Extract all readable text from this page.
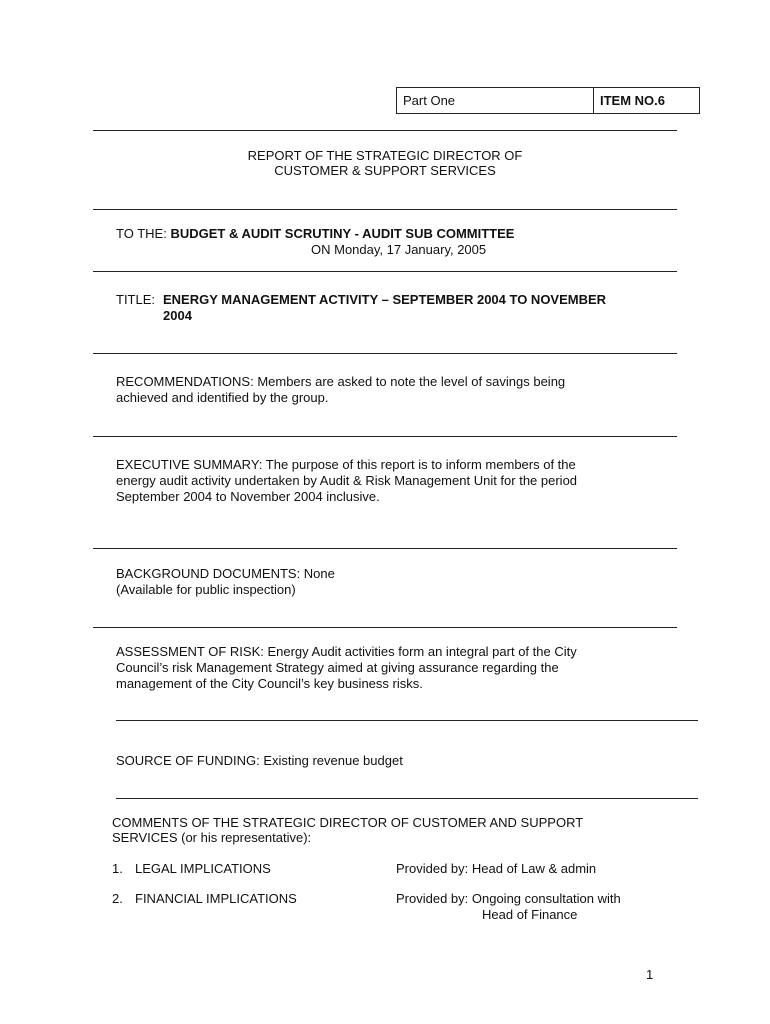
Part One	ITEM NO.6
REPORT OF THE STRATEGIC DIRECTOR OF
CUSTOMER & SUPPORT SERVICES
TO THE: BUDGET & AUDIT SCRUTINY - AUDIT SUB COMMITTEE
ON Monday, 17 January, 2005
TITLE: ENERGY MANAGEMENT ACTIVITY – SEPTEMBER 2004 TO NOVEMBER
2004
RECOMMENDATIONS: Members are asked to note the level of savings being
achieved and identified by the group.
EXECUTIVE SUMMARY: The purpose of this report is to inform members of the
energy audit activity undertaken by Audit & Risk Management Unit for the period
September 2004 to November 2004 inclusive.
BACKGROUND DOCUMENTS: None
(Available for public inspection)
ASSESSMENT OF RISK: Energy Audit activities form an integral part of the City
Council’s risk Management Strategy aimed at giving assurance regarding the
management of the City Council’s key business risks.
SOURCE OF FUNDING: Existing revenue budget
COMMENTS OF THE STRATEGIC DIRECTOR OF CUSTOMER AND SUPPORT
SERVICES (or his representative):
1. LEGAL IMPLICATIONS	Provided by: Head of Law & admin
2. FINANCIAL IMPLICATIONS	Provided by: Ongoing consultation with
Head of Finance
1
